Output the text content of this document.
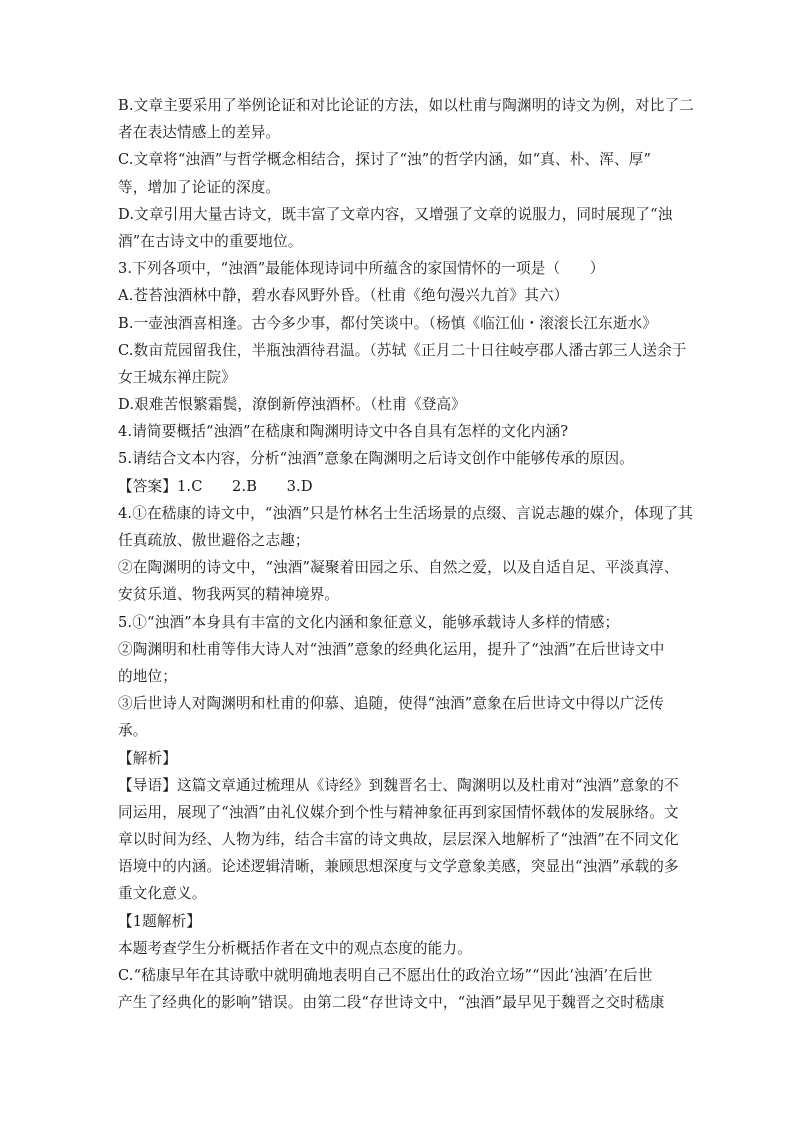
B.文章主要采用了举例论证和对比论证的方法，如以杜甫与陶渊明的诗文为例，对比了二
者在表达情感上的差异。
C.文章将“浊酒”与哲学概念相结合，探讨了“浊”的哲学内涵，如“真、朴、浑、厚”
等，增加了论证的深度。
D.文章引用大量古诗文，既丰富了文章内容，又增强了文章的说服力，同时展现了“浊
酒”在古诗文中的重要地位。
3.下列各项中，“浊酒”最能体现诗词中所蕴含的家国情怀的一项是（　　）
A.苍苔浊酒林中静，碧水春风野外昏。（杜甫《绝句漫兴九首》其六）
B.一壶浊酒喜相逢。古今多少事，都付笑谈中。（杨慎《临江仙・滚滚长江东逝水》
C.数亩荒园留我住，半瓶浊酒待君温。（苏轼《正月二十日往岐亭郡人潘古郭三人送余于
女王城东禅庄院》
D.艰难苦恨繁霜鬓，潦倒新停浊酒杯。（杜甫《登高》
4.请简要概括“浊酒”在嵇康和陶渊明诗文中各自具有怎样的文化内涵?
5.请结合文本内容，分析“浊酒”意象在陶渊明之后诗文创作中能够传承的原因。
【答案】1.C　　2.B　　3.D
4.①在嵇康的诗文中，“浊酒”只是竹林名士生活场景的点缀、言说志趣的媒介，体现了其
任真疏放、傲世避俗之志趣；
②在陶渊明的诗文中，“浊酒”凝聚着田园之乐、自然之爱，以及自适自足、平淡真淳、
安贫乐道、物我两冥的精神境界。
5.①“浊酒”本身具有丰富的文化内涵和象征意义，能够承载诗人多样的情感；
②陶渊明和杜甫等伟大诗人对“浊酒”意象的经典化运用，提升了“浊酒”在后世诗文中
的地位；
③后世诗人对陶渊明和杜甫的仰慕、追随，使得“浊酒”意象在后世诗文中得以广泛传
承。
【解析】
【导语】这篇文章通过梳理从《诗经》到魏晋名士、陶渊明以及杜甫对“浊酒”意象的不
同运用，展现了“浊酒”由礼仪媒介到个性与精神象征再到家国情怀载体的发展脉络。文
章以时间为经、人物为纬，结合丰富的诗文典故，层层深入地解析了“浊酒”在不同文化
语境中的内涵。论述逻辑清晰，兼顾思想深度与文学意象美感，突显出“浊酒”承载的多
重文化意义。
【1题解析】
本题考查学生分析概括作者在文中的观点态度的能力。
C.“嵇康早年在其诗歌中就明确地表明自己不愿出仕的政治立场”“因此‘浊酒’在后世
产生了经典化的影响”错误。由第二段“存世诗文中，“浊酒”最早见于魏晋之交时嵇康
